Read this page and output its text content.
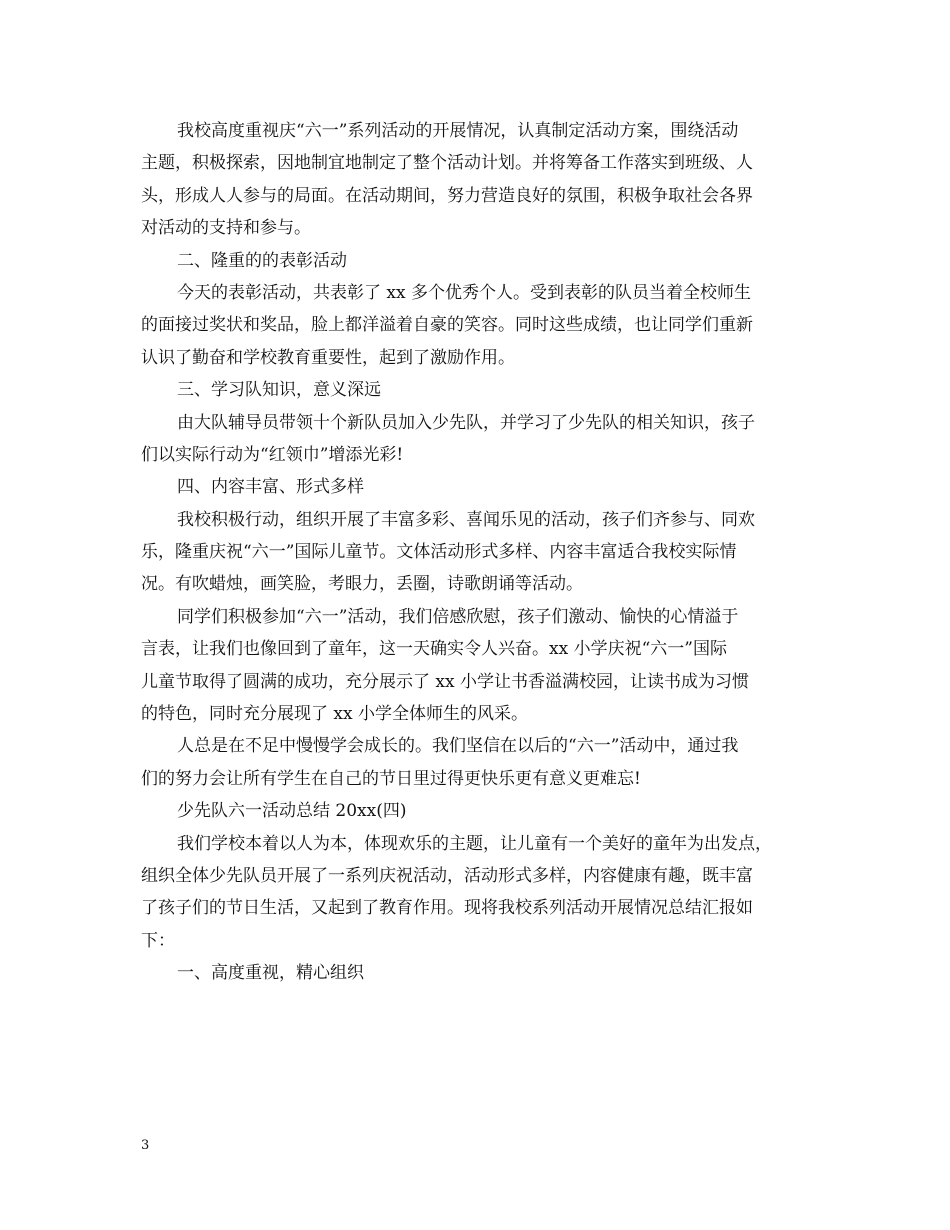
我校高度重视庆“六一”系列活动的开展情况，认真制定活动方案，围绕活动
主题，积极探索，因地制宜地制定了整个活动计划。并将筹备工作落实到班级、人
头，形成人人参与的局面。在活动期间，努力营造良好的氛围，积极争取社会各界
对活动的支持和参与。
二、隆重的的表彰活动
今天的表彰活动，共表彰了 xx 多个优秀个人。受到表彰的队员当着全校师生
的面接过奖状和奖品，脸上都洋溢着自豪的笑容。同时这些成绩，也让同学们重新
认识了勤奋和学校教育重要性，起到了激励作用。
三、学习队知识，意义深远
由大队辅导员带领十个新队员加入少先队，并学习了少先队的相关知识，孩子
们以实际行动为“红领巾”增添光彩!
四、内容丰富、形式多样
我校积极行动，组织开展了丰富多彩、喜闻乐见的活动，孩子们齐参与、同欢
乐，隆重庆祝“六一”国际儿童节。文体活动形式多样、内容丰富适合我校实际情
况。有吹蜡烛，画笑脸，考眼力，丢圈，诗歌朗诵等活动。
同学们积极参加“六一”活动，我们倍感欣慰，孩子们激动、愉快的心情溢于
言表，让我们也像回到了童年，这一天确实令人兴奋。xx 小学庆祝“六一”国际
儿童节取得了圆满的成功，充分展示了 xx 小学让书香溢满校园，让读书成为习惯
的特色，同时充分展现了 xx 小学全体师生的风采。
人总是在不足中慢慢学会成长的。我们坚信在以后的“六一”活动中，通过我
们的努力会让所有学生在自己的节日里过得更快乐更有意义更难忘!
少先队六一活动总结 20xx(四)
我们学校本着以人为本，体现欢乐的主题，让儿童有一个美好的童年为出发点，
组织全体少先队员开展了一系列庆祝活动，活动形式多样，内容健康有趣，既丰富
了孩子们的节日生活，又起到了教育作用。现将我校系列活动开展情况总结汇报如
下：
一、高度重视，精心组织
3
